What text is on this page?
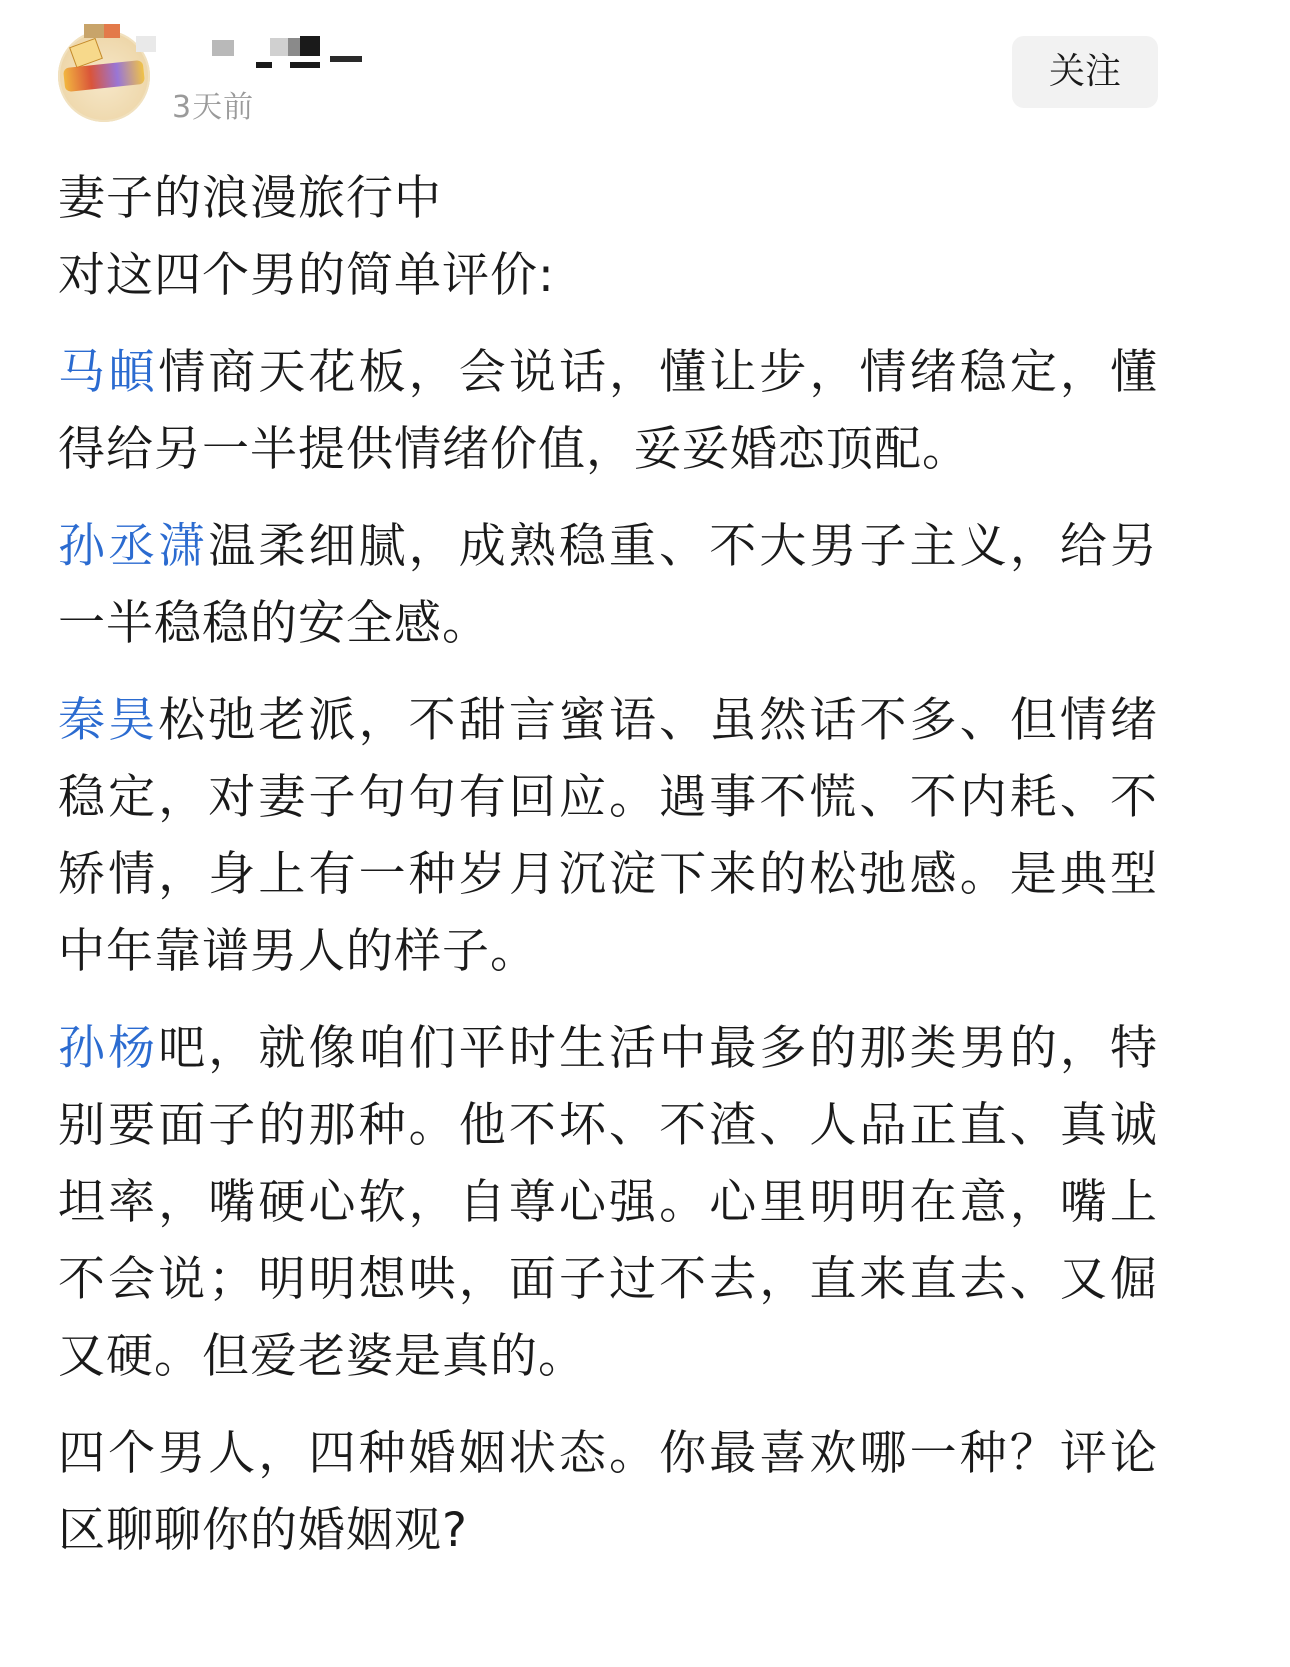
3天前
关注
妻子的浪漫旅行中
对这四个男的简单评价:

马頔情商天花板，会说话，懂让步，情绪稳定，懂得给另一半提供情绪价值，妥妥婚恋顶配。

孙丞潇温柔细腻，成熟稳重、不大男子主义，给另一半稳稳的安全感。

秦昊松弛老派，不甜言蜜语、虽然话不多、但情绪稳定，对妻子句句有回应。遇事不慌、不内耗、不矫情，身上有一种岁月沉淀下来的松弛感。是典型中年靠谱男人的样子。

孙杨吧，就像咱们平时生活中最多的那类男的，特别要面子的那种。他不坏、不渣、人品正直、真诚坦率，嘴硬心软，自尊心强。心里明明在意，嘴上不会说；明明想哄，面子过不去，直来直去、又倔又硬。但爱老婆是真的。

四个男人，四种婚姻状态。你最喜欢哪一种？评论区聊聊你的婚姻观?
